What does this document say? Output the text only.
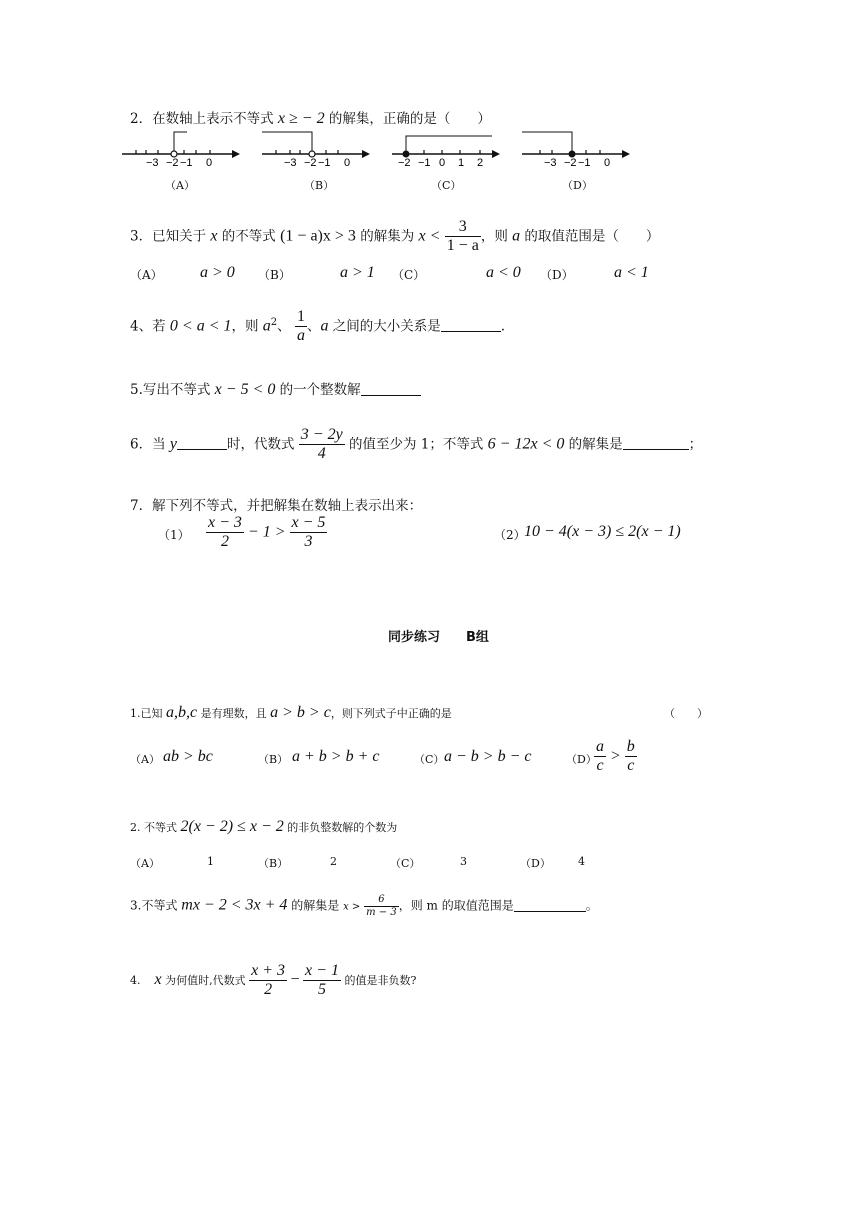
2．在数轴上表示不等式 x ≥ − 2 的解集，正确的是（　　）
−3 −2 −1 0
（A）
−3 −2 −1 0
（B）
−2 −1 0 1 2
（C）
−3 −2 −1 0
（D）
3．已知关于 x 的不等式 (1 − a)x > 3 的解集为 $x < \frac{3}{1 - a}$ ，则 a 的取值范围是（　　）
（A） a > 0 （B）	a > 1 （C）	a < 0 （D）	a < 1
4、若 0 < a < 1，则 $a^2$、 $\frac{1}{a}$ 、a 之间的大小关系是	.
5.写出不等式 x − 5 < 0 的一个整数解
6．当 y	时，代数式 $\frac{3 - 2y}{4}$ 的值至少为 1；不等式 6 − 12x < 0 的解集是	；
7．解下列不等式，并把解集在数轴上表示出来：
$(1) \frac{x - 3}{2} - 1 > \frac{x - 5}{3}$	（2）
10 − 4(x − 3) ≤ 2(x − 1)
同步练习 B组
1.已知 a,b,c 是有理数，且 a > b > c，则下列式子中正确的是	（　　）
（A） ab > bc	（B） a + b > b + c	（C） a − b > b − c	（D）
$\frac{a}{c} > \frac{b}{c}$
2. 不等式 2(x − 2) ≤ x − 2 的非负整数解的个数为
（A）	1	（B）	2	（C）	3	（D） 4
3.不等式 mx − 2 < 3x + 4 的解集是 $x > \frac{6}{m - 3}$ ，则 m 的取值范围是	。
4. x 为何值时,代数式 $\frac{x + 3}{2} - \frac{x - 1}{5}$ 的值是非负数?
